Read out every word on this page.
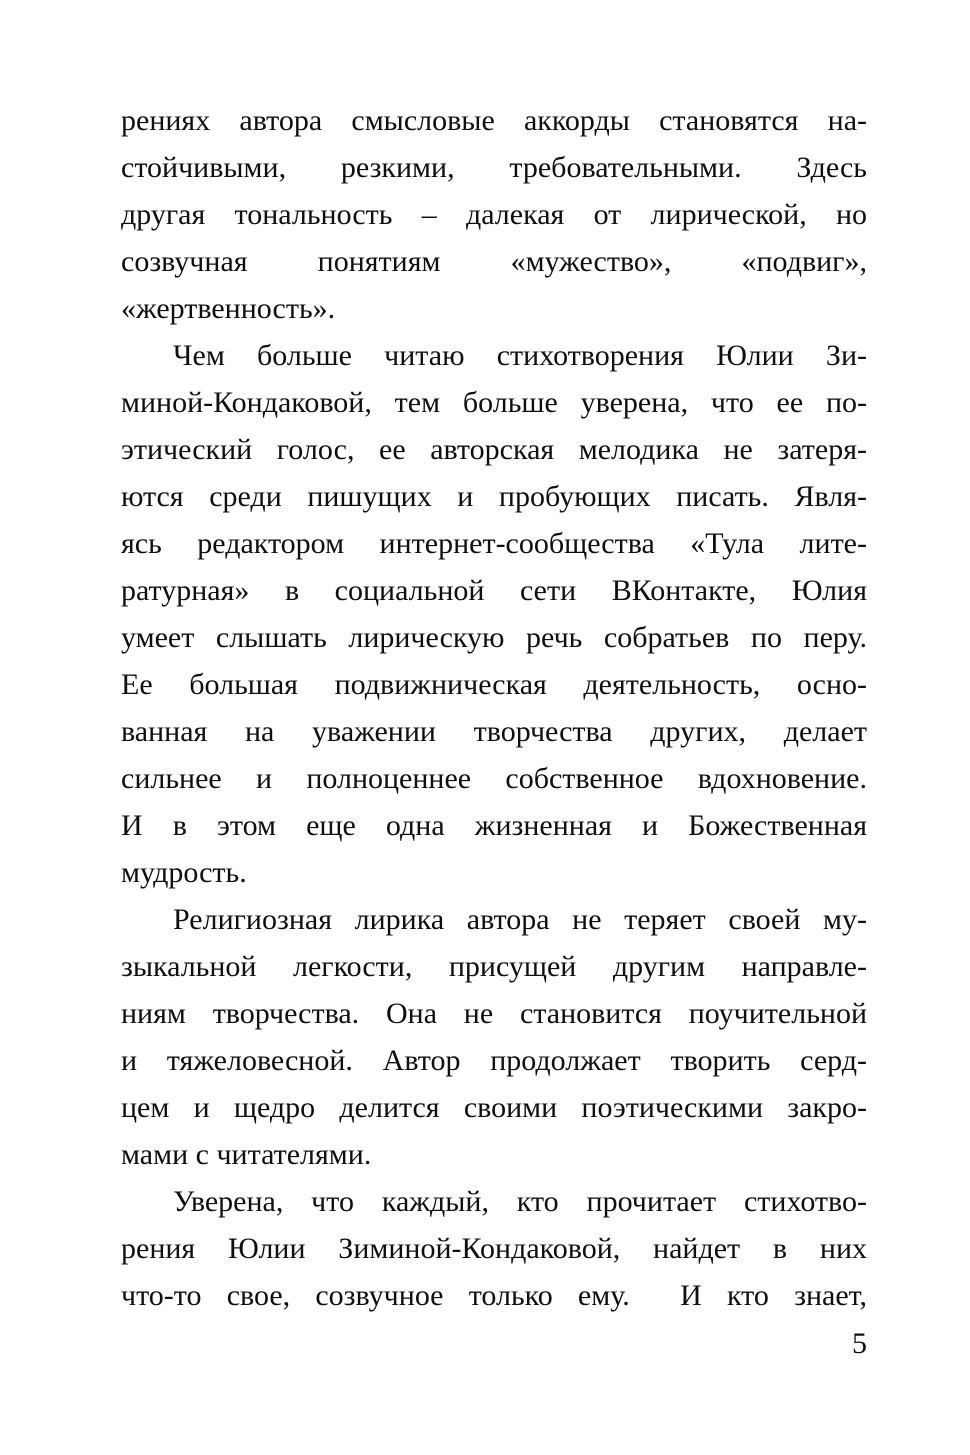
рениях автора смысловые аккорды становятся на-
стойчивыми, резкими, требовательными. Здесь
другая тональность – далекая от лирической, но
созвучная понятиям «мужество», «подвиг»,
«жертвенность».
Чем больше читаю стихотворения Юлии Зи-
миной-Кондаковой, тем больше уверена, что ее по-
этический голос, ее авторская мелодика не затеря-
ются среди пишущих и пробующих писать. Явля-
ясь редактором интернет-сообщества «Тула лите-
ратурная» в социальной сети ВКонтакте, Юлия
умеет слышать лирическую речь собратьев по перу.
Ее большая подвижническая деятельность, осно-
ванная на уважении творчества других, делает
сильнее и полноценнее собственное вдохновение.
И в этом еще одна жизненная и Божественная
мудрость.
Религиозная лирика автора не теряет своей му-
зыкальной легкости, присущей другим направле-
ниям творчества. Она не становится поучительной
и тяжеловесной. Автор продолжает творить серд-
цем и щедро делится своими поэтическими закро-
мами с читателями.
Уверена, что каждый, кто прочитает стихотво-
рения Юлии Зиминой-Кондаковой, найдет в них
что-то свое, созвучное только ему.  И кто знает,
5
